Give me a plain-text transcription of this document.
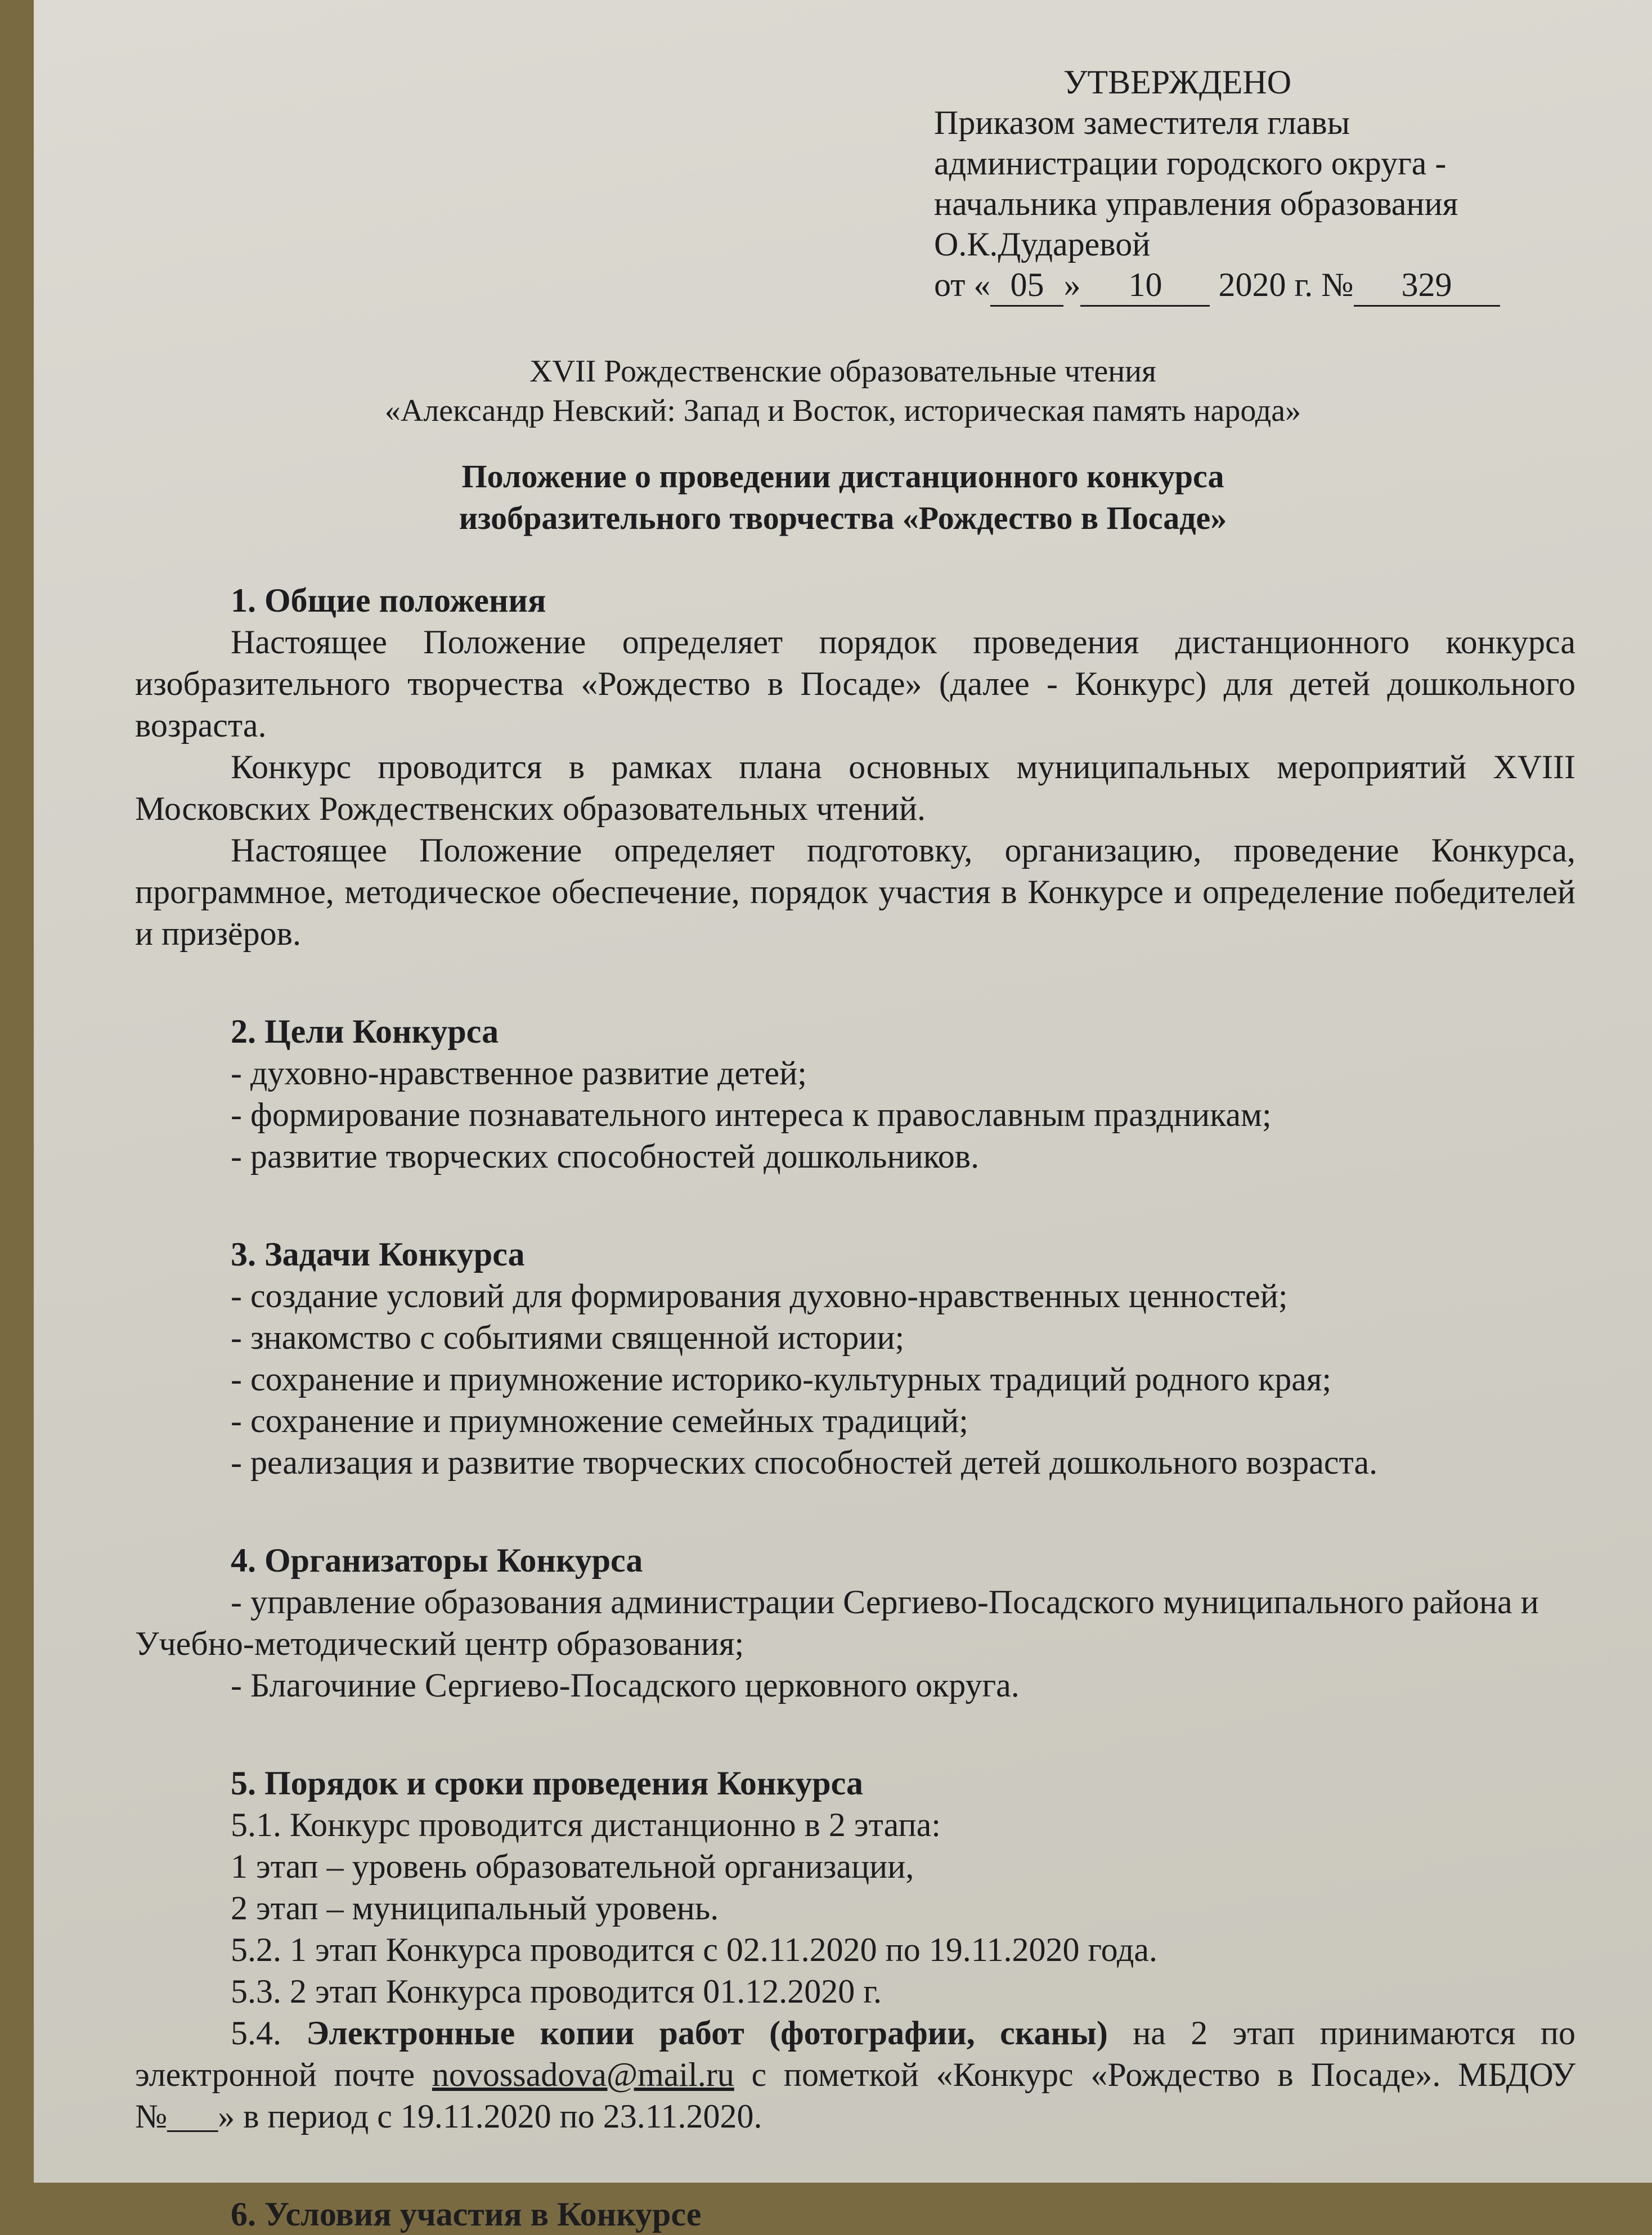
УТВЕРЖДЕНО
Приказом заместителя главы
администрации городского округа -
начальника управления образования
О.К.Дударевой
от « 05 » 10 2020 г. № 329
XVII Рождественские образовательные чтения
«Александр Невский: Запад и Восток, историческая память народа»
Положение о проведении дистанционного конкурса
изобразительного творчества «Рождество в Посаде»
1. Общие положения

Настоящее Положение определяет порядок проведения дистанционного конкурса изобразительного творчества «Рождество в Посаде» (далее - Конкурс) для детей дошкольного возраста.

Конкурс проводится в рамках плана основных муниципальных мероприятий XVIII Московских Рождественских образовательных чтений.

Настоящее Положение определяет подготовку, организацию, проведение Конкурса, программное, методическое обеспечение, порядок участия в Конкурсе и определение победителей и призёров.

2. Цели Конкурса

- духовно-нравственное развитие детей;

- формирование познавательного интереса к православным праздникам;

- развитие творческих способностей дошкольников.

3. Задачи Конкурса

- создание условий для формирования духовно-нравственных ценностей;

- знакомство с событиями священной истории;

- сохранение и приумножение историко-культурных традиций родного края;

- сохранение и приумножение семейных традиций;

- реализация и развитие творческих способностей детей дошкольного возраста.

4. Организаторы Конкурса

- управление образования администрации Сергиево-Посадского муниципального района и Учебно-методический центр образования;

- Благочиние Сергиево-Посадского церковного округа.

5. Порядок и сроки проведения Конкурса

5.1. Конкурс проводится дистанционно в 2 этапа:

1 этап – уровень образовательной организации,

2 этап – муниципальный уровень.

5.2. 1 этап Конкурса проводится с 02.11.2020 по 19.11.2020 года.

5.3. 2 этап Конкурса проводится 01.12.2020 г.

5.4. Электронные копии работ (фотографии, сканы) на 2 этап принимаются по электронной почте novossadova@mail.ru с пометкой «Конкурс «Рождество в Посаде». МБДОУ №___» в период с 19.11.2020 по 23.11.2020.

6. Условия участия в Конкурсе
